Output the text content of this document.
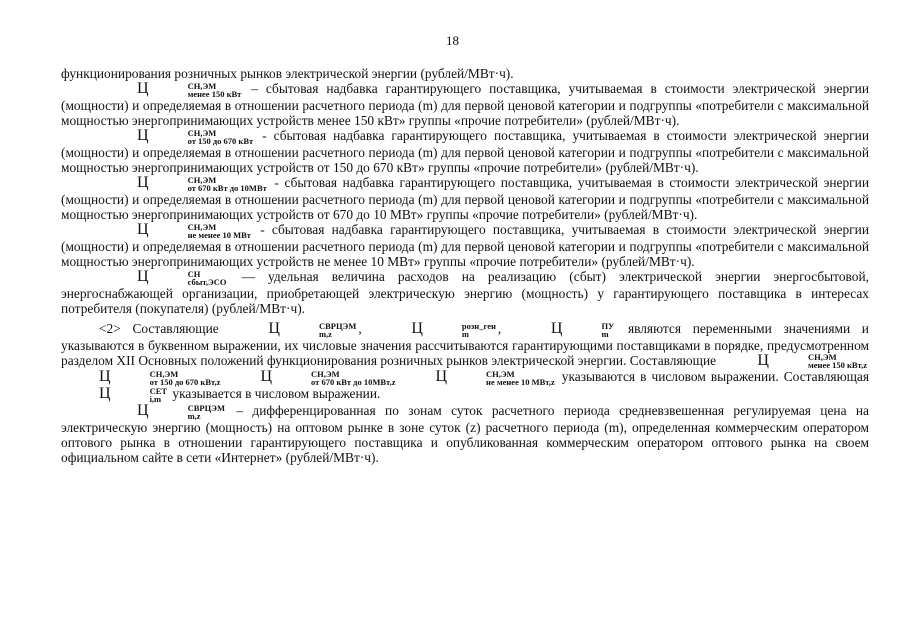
18

функционирования розничных рынков электрической энергии (рублей/МВт·ч).

Ц	СН,ЭМ
менее 150 кВт – сбытовая надбавка гарантирующего поставщика, учитываемая в стоимости электрической энергии (мощности) и определяемая в отношении расчетного периода (m) для первой ценовой категории и подгруппы «потребители с максимальной мощностью энергопринимающих устройств менее 150 кВт» группы «прочие потребители» (рублей/МВт·ч).

Ц	СН,ЭМ
от 150 до 670 кВт - сбытовая надбавка гарантирующего поставщика, учитываемая в стоимости электрической энергии (мощности) и определяемая в отношении расчетного периода (m) для первой ценовой категории и подгруппы «потребители с максимальной мощностью энергопринимающих устройств от 150 до 670 кВт» группы «прочие потребители» (рублей/МВт·ч).

Ц	СН,ЭМ
от 670 кВт до 10МВт - сбытовая надбавка гарантирующего поставщика, учитываемая в стоимости электрической энергии (мощности) и определяемая в отношении расчетного периода (m) для первой ценовой категории и подгруппы «потребители с максимальной мощностью энергопринимающих устройств от 670 до 10 МВт» группы «прочие потребители» (рублей/МВт·ч).

Ц	СН,ЭМ
не менее 10 МВт - сбытовая надбавка гарантирующего поставщика, учитываемая в стоимости электрической энергии (мощности) и определяемая в отношении расчетного периода (m) для первой ценовой категории и подгруппы «потребители с максимальной мощностью энергопринимающих устройств не менее 10 МВт» группы «прочие потребители» (рублей/МВт·ч).

Ц	СН
сбыт,ЭСО — удельная величина расходов на реализацию (сбыт) электрической энергии энергосбытовой, энергоснабжающей организации, приобретающей электрическую энергию (мощность) у гарантирующего поставщика в интересах потребителя (покупателя) (рублей/МВт·ч).

<2> Составляющие Ц	СВРЦЭМ
m,z	, Ц	розн_ген
m	, Ц	ПУ
m являются переменными значениями и указываются в буквенном выражении, их числовые значения рассчитываются гарантирующими поставщиками в порядке, предусмотренном разделом XII Основных положений функционирования розничных рынков электрической энергии. Составляющие Ц	СН,ЭМ
менее 150 кВт,z
Ц	СН,ЭМ
от 150 до 670 кВт,z	Ц	СН,ЭМ
от 670 кВт до 10МВт,z	Ц	СН,ЭМ
не менее 10 МВт,z указываются в числовом выражении. Составляющая Ц	СЕТ
i,m указывается в числовом выражении.

Ц	СВРЦЭМ
m,z	– дифференцированная по зонам суток расчетного периода средневзвешенная регулируемая цена на электрическую энергию (мощность) на оптовом рынке в зоне суток (z) расчетного периода (m), определенная коммерческим оператором оптового рынка в отношении гарантирующего поставщика и опубликованная коммерческим оператором оптового рынка на своем официальном сайте в сети «Интернет» (рублей/МВт·ч).
